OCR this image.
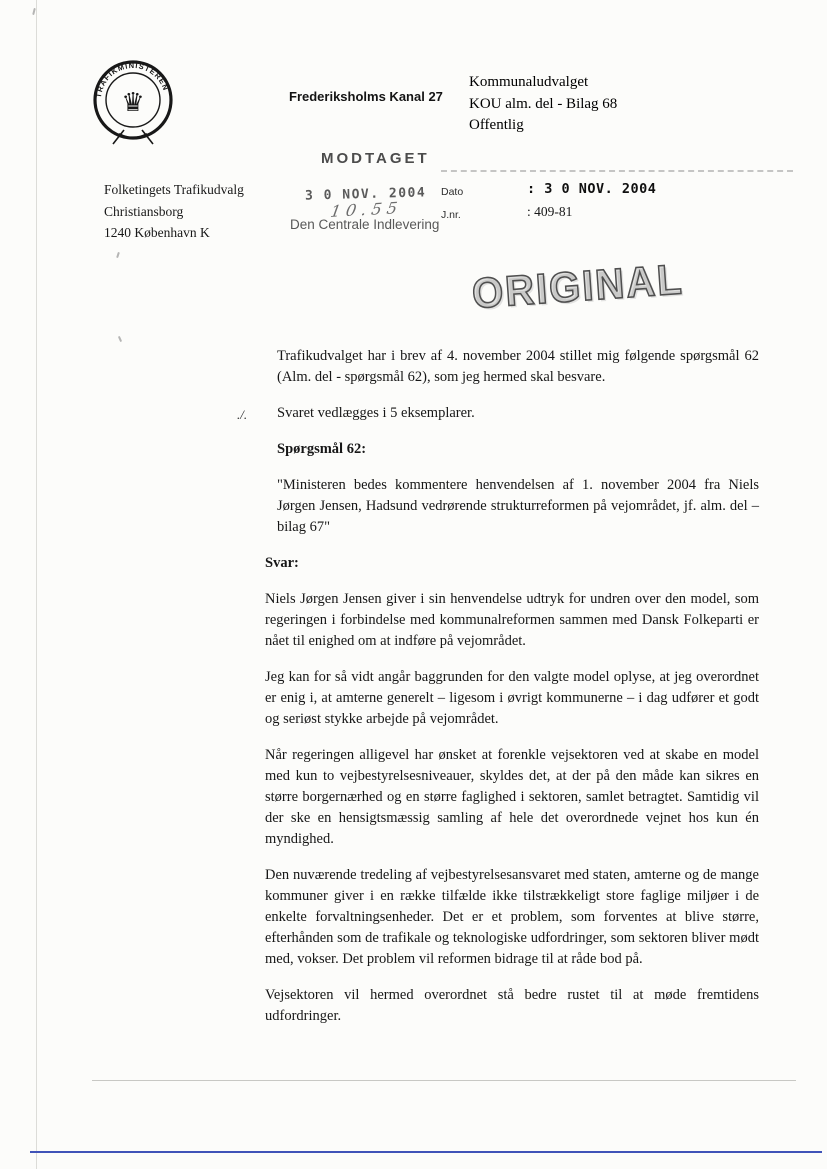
TRAFIKMINISTEREN
♛	Frederiksholms Kanal 27
Kommunaludvalget
KOU alm. del - Bilag 68
Offentlig
Folketingets Trafikudvalg
Christiansborg
1240 København K
MODTAGET
3 0 NOV. 2004
10.55
Den Centrale Indlevering
Dato	: 3 0 NOV. 2004
J.nr.	: 409-81
ORIGINAL

Trafikudvalget har i brev af 4. november 2004 stillet mig følgende spørgsmål 62 (Alm. del - spørgsmål 62), som jeg hermed skal besvare.

./. Svaret vedlægges i 5 eksemplarer.

Spørgsmål 62:

"Ministeren bedes kommentere henvendelsen af 1. november 2004 fra Niels Jørgen Jensen, Hadsund vedrørende strukturreformen på vejområdet, jf. alm. del – bilag 67"

Svar:

Niels Jørgen Jensen giver i sin henvendelse udtryk for undren over den model, som regeringen i forbindelse med kommunalreformen sammen med Dansk Folkeparti er nået til enighed om at indføre på vejområdet.

Jeg kan for så vidt angår baggrunden for den valgte model oplyse, at jeg overordnet er enig i, at amterne generelt – ligesom i øvrigt kommunerne – i dag udfører et godt og seriøst stykke arbejde på vejområdet.

Når regeringen alligevel har ønsket at forenkle vejsektoren ved at skabe en model med kun to vejbestyrelsesniveauer, skyldes det, at der på den måde kan sikres en større borgernærhed og en større faglighed i sektoren, samlet betragtet. Samtidig vil der ske en hensigtsmæssig samling af hele det overordnede vejnet hos kun én myndighed.

Den nuværende tredeling af vejbestyrelsesansvaret med staten, amterne og de mange kommuner giver i en række tilfælde ikke tilstrækkeligt store faglige miljøer i de enkelte forvaltningsenheder. Det er et problem, som forventes at blive større, efterhånden som de trafikale og teknologiske udfordringer, som sektoren bliver mødt med, vokser. Det problem vil reformen bidrage til at råde bod på.

Vejsektoren vil hermed overordnet stå bedre rustet til at møde fremtidens udfordringer.
